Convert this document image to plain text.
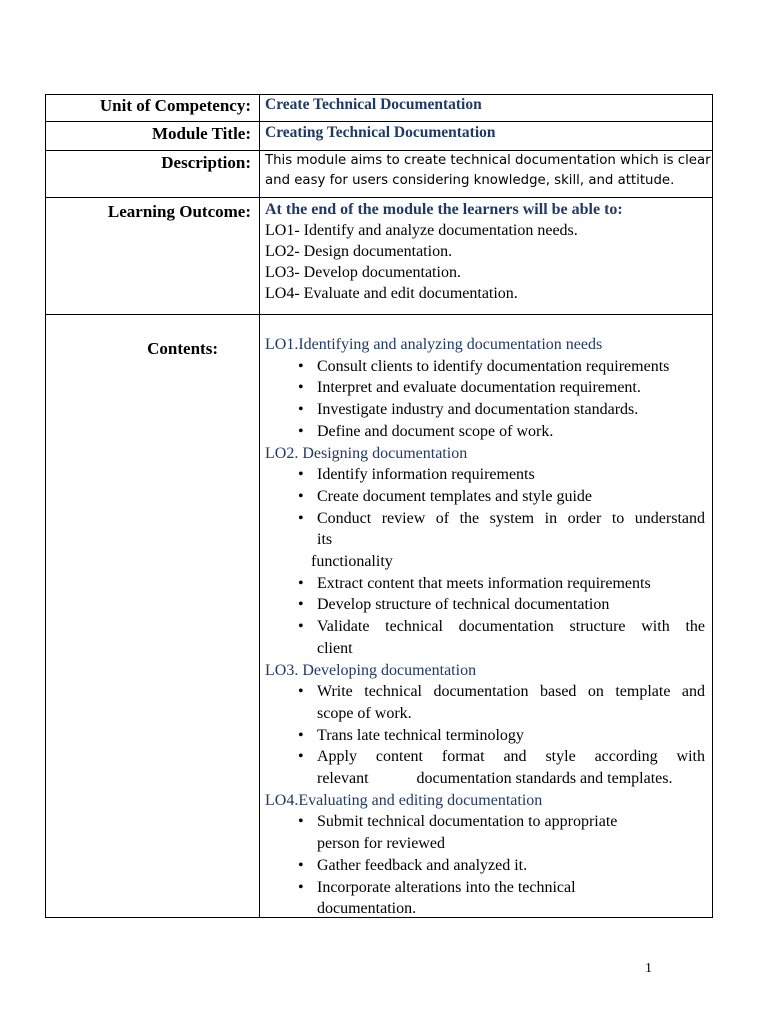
Unit of Competency: Create Technical Documentation
Module Title: Creating Technical Documentation
Description: This module aims to create technical documentation which is clear
and easy for users considering knowledge, skill, and attitude.
Learning Outcome: At the end of the module the learners will be able to:
LO1- Identify and analyze documentation needs.
LO2- Design documentation.
LO3- Develop documentation.
LO4- Evaluate and edit documentation.
Contents:	LO1.Identifying and analyzing documentation needs
• Consult clients to identify documentation requirements
• Interpret and evaluate documentation requirement.
• Investigate industry and documentation standards.
• Define and document scope of work.
LO2. Designing documentation
• Identify information requirements
• Create document templates and style guide
• Conduct review of the system in order to understand
its
functionality
• Extract content that meets information requirements
• Develop structure of technical documentation
• Validate technical documentation structure with the
client
LO3. Developing documentation
• Write technical documentation based on template and
scope of work.
• Trans late technical terminology
• Apply content format and style according with
relevant	documentation standards and templates.
LO4.Evaluating and editing documentation
• Submit technical documentation to appropriate
person for reviewed
• Gather feedback and analyzed it.
• Incorporate alterations into the technical
documentation.
1
